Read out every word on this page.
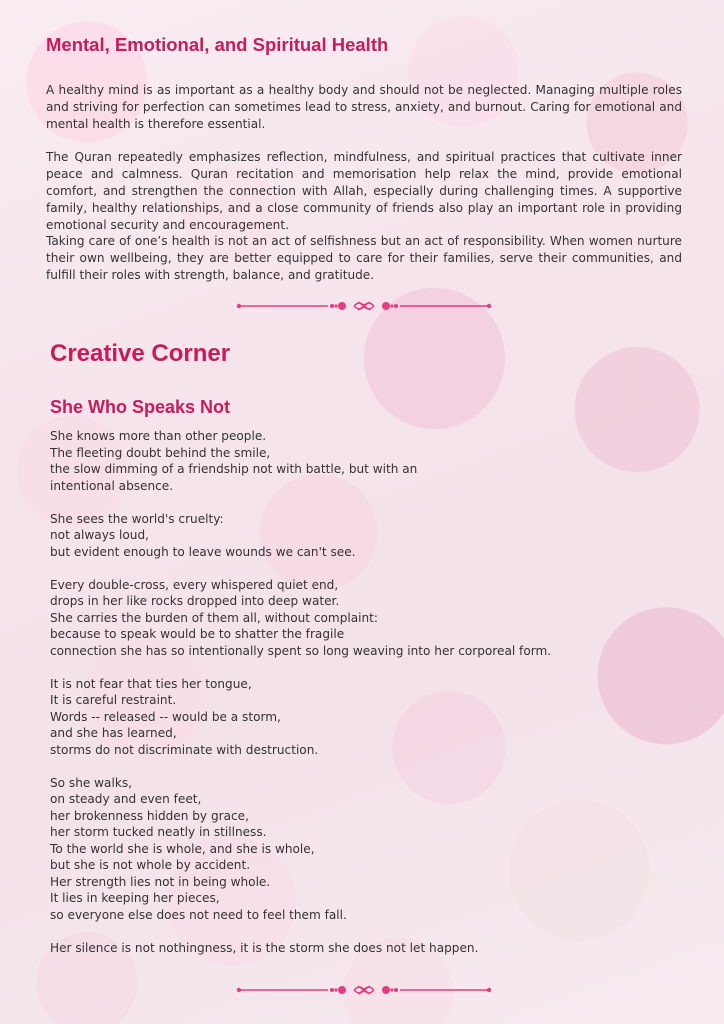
Mental, Emotional, and Spiritual Health

A healthy mind is as important as a healthy body and should not be neglected. Managing multiple roles and striving for perfection can sometimes lead to stress, anxiety, and burnout. Caring for emotional and mental health is therefore essential.

The Quran repeatedly emphasizes reflection, mindfulness, and spiritual practices that cultivate inner peace and calmness. Quran recitation and memorisation help relax the mind, provide emotional comfort, and strengthen the connection with Allah, especially during challenging times. A supportive family, healthy relationships, and a close community of friends also play an important role in providing emotional security and encouragement.

Taking care of one’s health is not an act of selfishness but an act of responsibility. When women nurture their own wellbeing, they are better equipped to care for their families, serve their communities, and fulfill their roles with strength, balance, and gratitude.

Creative Corner
She Who Speaks Not

She knows more than other people.
The fleeting doubt behind the smile,
the slow dimming of a friendship not with battle, but with an
intentional absence.

She sees the world's cruelty:
not always loud,
but evident enough to leave wounds we can't see.

Every double-cross, every whispered quiet end,
drops in her like rocks dropped into deep water.
She carries the burden of them all, without complaint:
because to speak would be to shatter the fragile
connection she has so intentionally spent so long weaving into her corporeal form.

It is not fear that ties her tongue,
It is careful restraint.
Words -- released -- would be a storm,
and she has learned,
storms do not discriminate with destruction.

So she walks,
on steady and even feet,
her brokenness hidden by grace,
her storm tucked neatly in stillness.
To the world she is whole, and she is whole,
but she is not whole by accident.
Her strength lies not in being whole.
It lies in keeping her pieces,
so everyone else does not need to feel them fall.

Her silence is not nothingness, it is the storm she does not let happen.
